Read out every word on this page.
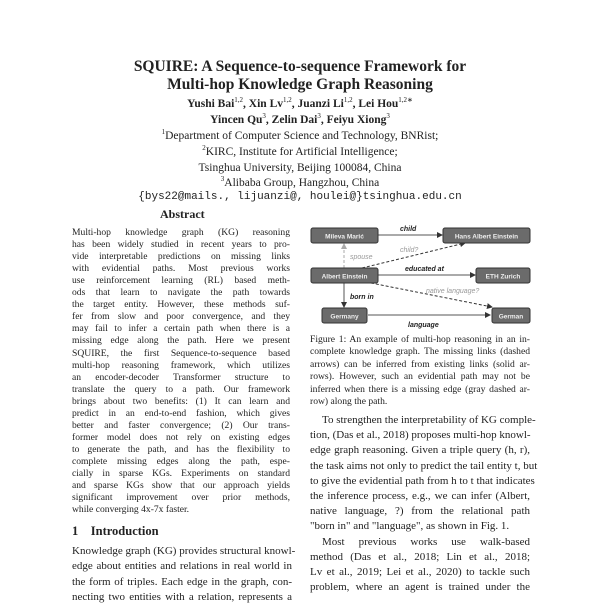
SQUIRE: A Sequence-to-sequence Framework for
Multi-hop Knowledge Graph Reasoning
Yushi Bai$^{1,2}$, Xin Lv$^{1,2}$, Juanzi Li$^{1,2}$, Lei Hou$^{1,2∗}$
Yincen Qu$^3$, Zelin Dai$^3$, Feiyu Xiong$^3$
$^1$Department of Computer Science and Technology, BNRist;
$^2$KIRC, Institute for Artificial Intelligence;
Tsinghua University, Beijing 100084, China
$^3$Alibaba Group, Hangzhou, China
{bys22@mails., lijuanzi@, houlei@}tsinghua.edu.cn
Abstract
Multi-hop knowledge graph (KG) reasoning
has been widely studied in recent years to pro-
vide interpretable predictions on missing links
with evidential paths. Most previous works
use reinforcement learning (RL) based meth-
ods that learn to navigate the path towards
the target entity. However, these methods suf-
fer from slow and poor convergence, and they
may fail to infer a certain path when there is a
missing edge along the path. Here we present
SQUIRE, the first Sequence-to-sequence based
multi-hop reasoning framework, which utilizes
an encoder-decoder Transformer structure to
translate the query to a path. Our framework
brings about two benefits: (1) It can learn and
predict in an end-to-end fashion, which gives
better and faster convergence; (2) Our trans-
former model does not rely on existing edges
to generate the path, and has the flexibility to
complete missing edges along the path, espe-
cially in sparse KGs. Experiments on standard
and sparse KGs show that our approach yields
significant improvement over prior methods,
while converging 4x-7x faster.
1 Introduction
Knowledge graph (KG) provides structural knowl-
edge about entities and relations in real world in
the form of triples. Each edge in the graph, con-
necting two entities with a relation, represents a
child
child?
spouse
educated at
native language?
born in
language
Mileva Marić	Hans Albert Einstein
Albert Einstein	ETH Zurich
Germany	German
Figure 1: An example of multi-hop reasoning in an in-
complete knowledge graph. The missing links (dashed
arrows) can be inferred from existing links (solid ar-
rows). However, such an evidential path may not be
inferred when there is a missing edge (gray dashed ar-
row) along the path.
To strengthen the interpretability of KG comple-
tion, (Das et al., 2018) proposes multi-hop knowl-
edge graph reasoning. Given a triple query (h, r),
the task aims not only to predict the tail entity t, but
to give the evidential path from h to t that indicates
the inference process, e.g., we can infer (Albert,
native language, ?) from the relational path
"born in" and "language", as shown in Fig. 1.
Most previous works use walk-based
method (Das et al., 2018; Lin et al., 2018;
Lv et al., 2019; Lei et al., 2020) to tackle such
problem, where an agent is trained under the
